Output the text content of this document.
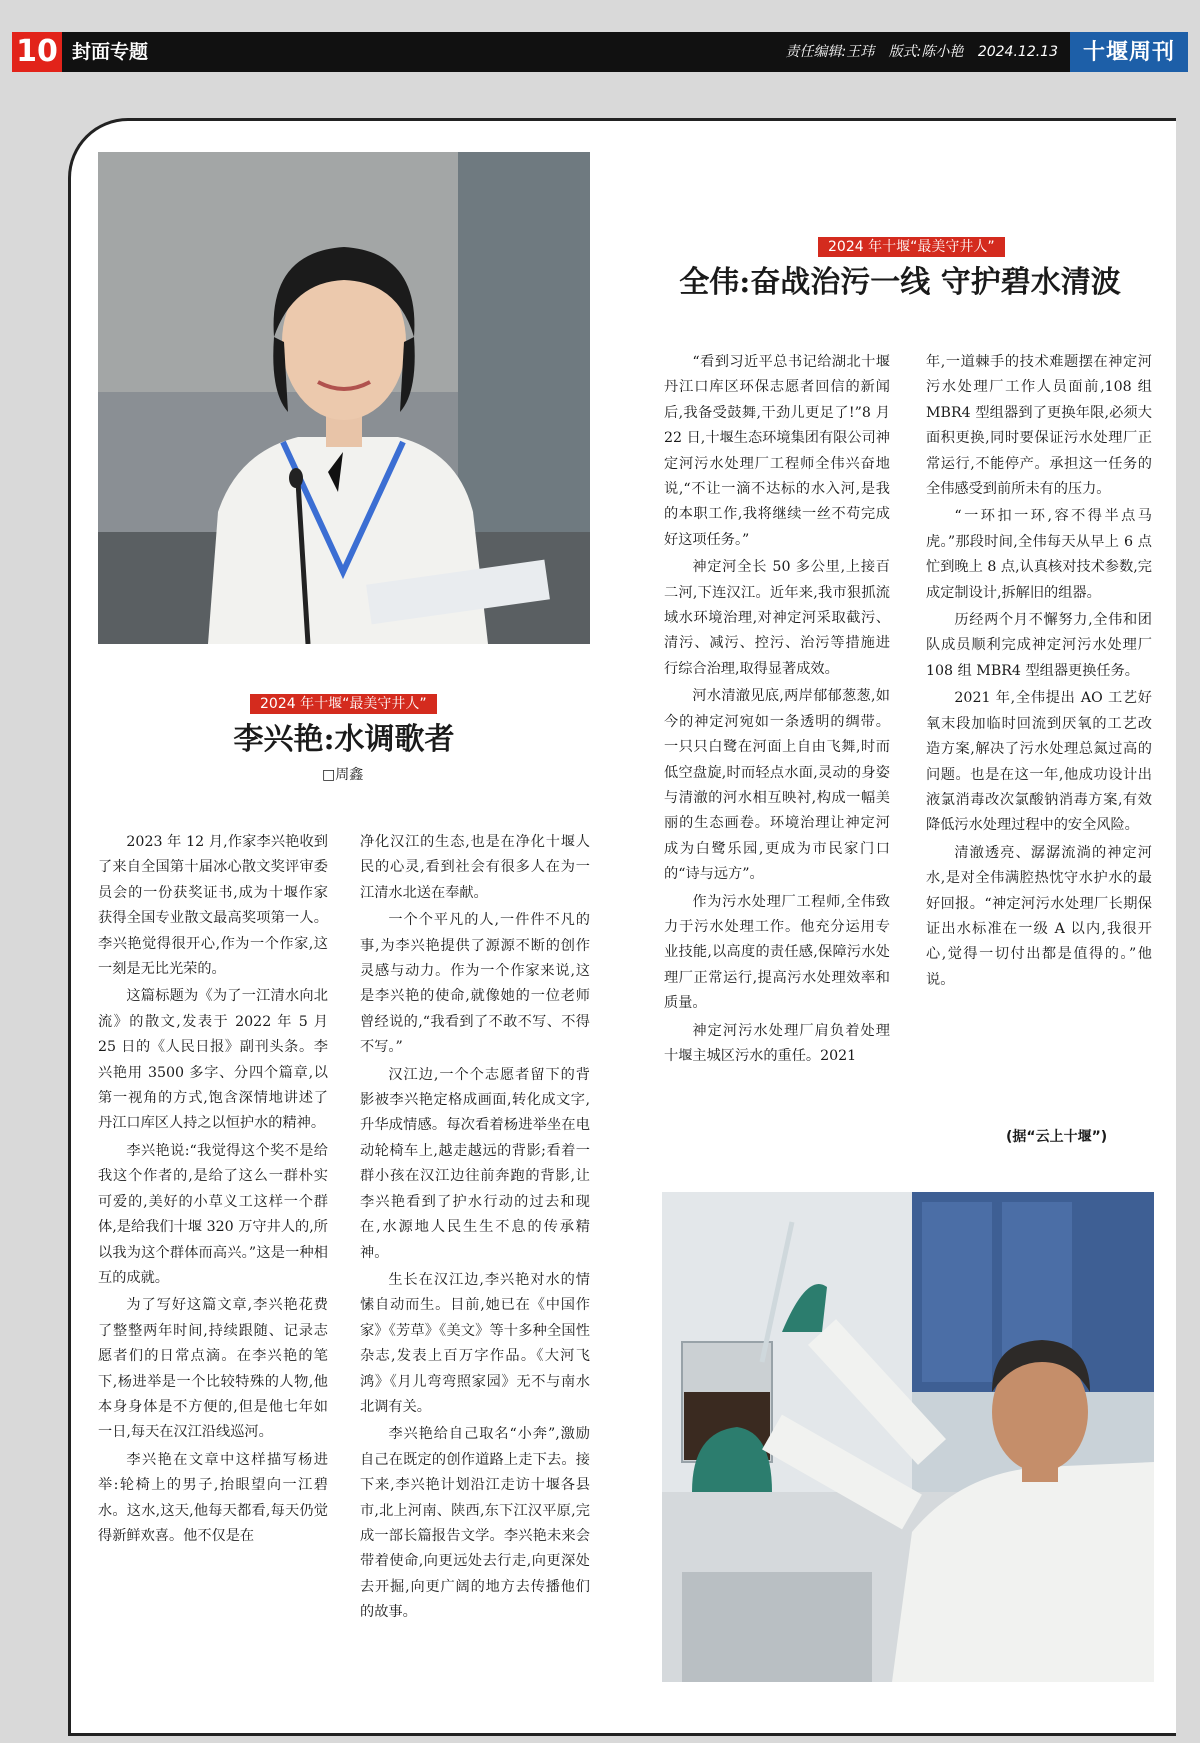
10 封面专题	责任编辑:王玮 版式:陈小艳 2024.12.13	十堰周刊
2024 年十堰“最美守井人”
李兴艳:水调歌者
□周鑫

2023 年 12 月,作家李兴艳收到了来自全国第十届冰心散文奖评审委员会的一份获奖证书,成为十堰作家获得全国专业散文最高奖项第一人。李兴艳觉得很开心,作为一个作家,这一刻是无比光荣的。

这篇标题为《为了一江清水向北流》的散文,发表于 2022 年 5 月 25 日的《人民日报》副刊头条。李兴艳用 3500 多字、分四个篇章,以第一视角的方式,饱含深情地讲述了丹江口库区人持之以恒护水的精神。

李兴艳说:“我觉得这个奖不是给我这个作者的,是给了这么一群朴实可爱的,美好的小草义工这样一个群体,是给我们十堰 320 万守井人的,所以我为这个群体而高兴。”这是一种相互的成就。

为了写好这篇文章,李兴艳花费了整整两年时间,持续跟随、记录志愿者们的日常点滴。在李兴艳的笔下,杨进举是一个比较特殊的人物,他本身身体是不方便的,但是他七年如一日,每天在汉江沿线巡河。

李兴艳在文章中这样描写杨进举:轮椅上的男子,抬眼望向一江碧水。这水,这天,他每天都看,每天仍觉得新鲜欢喜。他不仅是在

净化汉江的生态,也是在净化十堰人民的心灵,看到社会有很多人在为一江清水北送在奉献。

一个个平凡的人,一件件不凡的事,为李兴艳提供了源源不断的创作灵感与动力。作为一个作家来说,这是李兴艳的使命,就像她的一位老师曾经说的,“我看到了不敢不写、不得不写。”

汉江边,一个个志愿者留下的背影被李兴艳定格成画面,转化成文字,升华成情感。每次看着杨进举坐在电动轮椅车上,越走越远的背影;看着一群小孩在汉江边往前奔跑的背影,让李兴艳看到了护水行动的过去和现在,水源地人民生生不息的传承精神。

生长在汉江边,李兴艳对水的情愫自动而生。目前,她已在《中国作家》《芳草》《美文》等十多种全国性杂志,发表上百万字作品。《大河飞鸿》《月儿弯弯照家园》无不与南水北调有关。

李兴艳给自己取名“小奔”,激励自己在既定的创作道路上走下去。接下来,李兴艳计划沿江走访十堰各县市,北上河南、陕西,东下江汉平原,完成一部长篇报告文学。李兴艳未来会带着使命,向更远处去行走,向更深处去开掘,向更广阔的地方去传播他们的故事。

2024 年十堰“最美守井人”
全伟:奋战治污一线 守护碧水清波

“看到习近平总书记给湖北十堰丹江口库区环保志愿者回信的新闻后,我备受鼓舞,干劲儿更足了!”8 月 22 日,十堰生态环境集团有限公司神定河污水处理厂工程师全伟兴奋地说,“不让一滴不达标的水入河,是我的本职工作,我将继续一丝不苟完成好这项任务。”

神定河全长 50 多公里,上接百二河,下连汉江。近年来,我市狠抓流域水环境治理,对神定河采取截污、清污、减污、控污、治污等措施进行综合治理,取得显著成效。

河水清澈见底,两岸郁郁葱葱,如今的神定河宛如一条透明的绸带。一只只白鹭在河面上自由飞舞,时而低空盘旋,时而轻点水面,灵动的身姿与清澈的河水相互映衬,构成一幅美丽的生态画卷。环境治理让神定河成为白鹭乐园,更成为市民家门口的“诗与远方”。

作为污水处理厂工程师,全伟致力于污水处理工作。他充分运用专业技能,以高度的责任感,保障污水处理厂正常运行,提高污水处理效率和质量。

神定河污水处理厂肩负着处理十堰主城区污水的重任。2021

年,一道棘手的技术难题摆在神定河污水处理厂工作人员面前,108 组 MBR4 型组器到了更换年限,必须大面积更换,同时要保证污水处理厂正常运行,不能停产。承担这一任务的全伟感受到前所未有的压力。

“一环扣一环,容不得半点马虎。”那段时间,全伟每天从早上 6 点忙到晚上 8 点,认真核对技术参数,完成定制设计,拆解旧的组器。

历经两个月不懈努力,全伟和团队成员顺利完成神定河污水处理厂 108 组 MBR4 型组器更换任务。

2021 年,全伟提出 AO 工艺好氧末段加临时回流到厌氧的工艺改造方案,解决了污水处理总氮过高的问题。也是在这一年,他成功设计出液氯消毒改次氯酸钠消毒方案,有效降低污水处理过程中的安全风险。

清澈透亮、潺潺流淌的神定河水,是对全伟满腔热忱守水护水的最好回报。“神定河污水处理厂长期保证出水标准在一级 A 以内,我很开心,觉得一切付出都是值得的。”他说。

(据“云上十堰”)
